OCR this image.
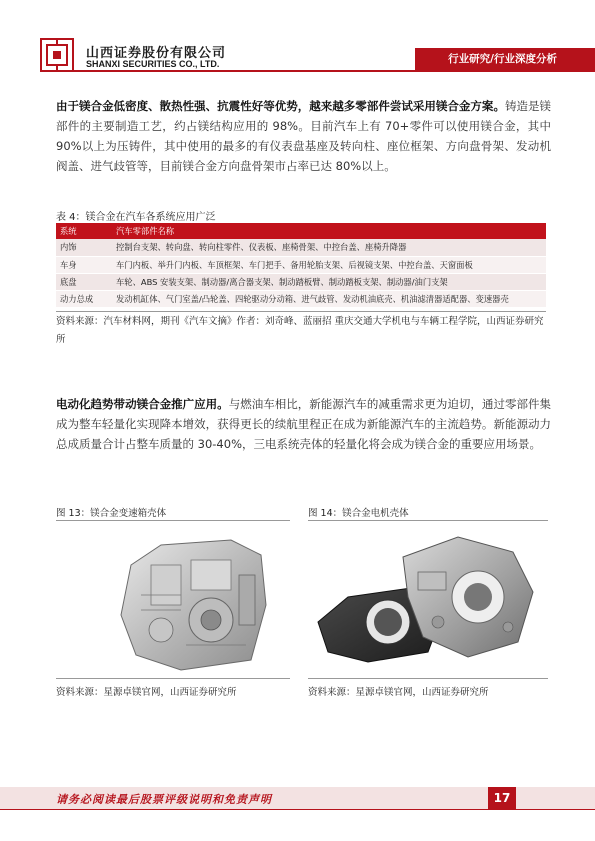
山西证券股份有限公司
SHANXI SECURITIES CO., LTD.	行业研究/行业深度分析
由于镁合金低密度、散热性强、抗震性好等优势，越来越多零部件尝试采用镁合金方案。铸造是镁部件的主要制造工艺，约占镁结构应用的 98%。目前汽车上有 70+零件可以使用镁合金，其中 90%以上为压铸件，其中使用的最多的有仪表盘基座及转向柱、座位框架、方向盘骨架、发动机阀盖、进气歧管等，目前镁合金方向盘骨架市占率已达 80%以上。
表 4：镁合金在汽车各系统应用广泛
系统	汽车零部件名称
内饰	控制台支架、转向盘、转向柱零件、仪表板、座椅骨架、中控台盖、座椅升降器
车身	车门内板、举升门内板、车顶框架、车门把手、备用轮胎支架、后视镜支架、中控台盖、天窗面板
底盘	车轮、ABS 安装支架、制动器/离合器支架、制动踏板臂、制动踏板支架、制动器/油门支架
动力总成	发动机缸体、气门室盖/凸轮盖、四轮驱动分动箱、进气歧管、发动机油底壳、机油滤清器适配器、变速器壳
资料来源：汽车材料网，期刊《汽车文摘》作者：刘奇峰、蓝丽招 重庆交通大学机电与车辆工程学院，山西证券研究所
电动化趋势带动镁合金推广应用。与燃油车相比，新能源汽车的减重需求更为迫切，通过零部件集成为整车轻量化实现降本增效，获得更长的续航里程正在成为新能源汽车的主流趋势。新能源动力总成质量合计占整车质量的 30-40%，三电系统壳体的轻量化将会成为镁合金的重要应用场景。
图 13：镁合金变速箱壳体
资料来源：星源卓镁官网，山西证券研究所
图 14：镁合金电机壳体
资料来源：星源卓镁官网，山西证券研究所
请务必阅读最后股票评级说明和免责声明	17
